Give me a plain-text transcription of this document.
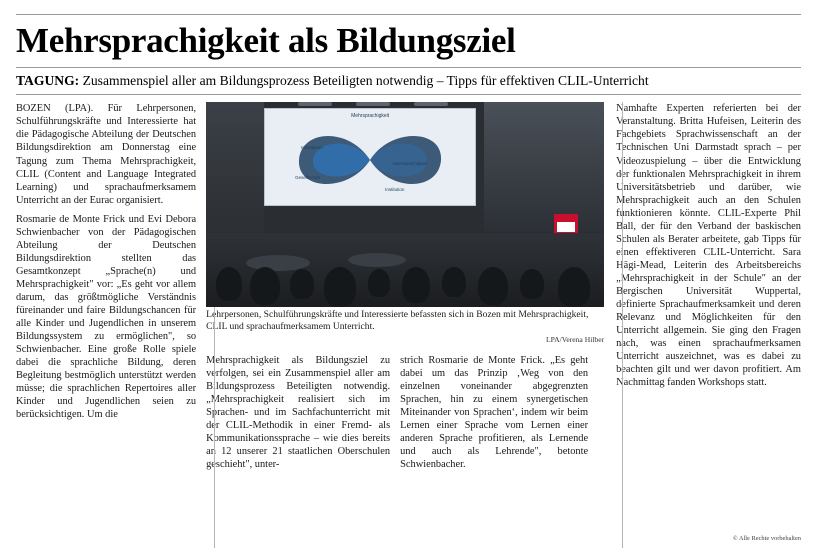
Mehrsprachigkeit als Bildungsziel
TAGUNG: Zusammenspiel aller am Bildungsprozess Beteiligten notwendig – Tipps für effektiven CLIL-Unterricht

BOZEN (LPA). Für Lehrpersonen, Schulführungskräfte und Interessierte hat die Pädagogische Abteilung der Deutschen Bildungsdirektion am Donnerstag eine Tagung zum Thema Mehrsprachigkeit, CLIL (Content and Language Integrated Learning) und sprachaufmerksamem Unterricht an der Eurac organisiert.

Rosmarie de Monte Frick und Evi Debora Schwienbacher von der Pädagogischen Abteilung der Deutschen Bildungsdirektion stellten das Gesamtkonzept „Sprache(n) und Mehrsprachigkeit" vor: „Es geht vor allem darum, das größtmögliche Verständnis füreinander und faire Bildungschancen für alle Kinder und Jugendlichen in unserem Bildungssystem zu ermöglichen", so Schwienbacher. Eine große Rolle spiele dabei die sprachliche Bildung, deren Begleitung bestmöglich unterstützt werden müsse; die sprachlichen Repertoires aller Kinder und Jugendlichen seien zu berücksichtigen. Um die

Mehrsprachigkeit
Individuum
Mehrsprachigkeit
Gesellschaft
Institution
Lehrpersonen, Schulführungskräfte und Interessierte befassten sich in Bozen mit Mehrsprachigkeit, CLIL und sprachaufmerksamem Unterricht.
LPA/Verena Hilber

Mehrsprachigkeit als Bildungsziel zu verfolgen, sei ein Zusammenspiel aller am Bildungsprozess Beteiligten notwendig. „Mehrsprachigkeit realisiert sich im Sprachen- und im Sachfachunterricht mit der CLIL-Methodik in einer Fremd- als Kommunikationssprache – wie dies bereits an 12 unserer 21 staatlichen Oberschulen geschieht", unter-

strich Rosmarie de Monte Frick. „Es geht dabei um das Prinzip ‚Weg von den einzelnen voneinander abgegrenzten Sprachen, hin zu einem synergetischen Miteinander von Sprachen‘, indem wir beim Lernen einer Sprache vom Lernen einer anderen Sprache profitieren, als Lernende und auch als Lehrende", betonte Schwienbacher.

Namhafte Experten referierten bei der Veranstaltung. Britta Hufeisen, Leiterin des Fachgebiets Sprachwissenschaft an der Technischen Uni Darmstadt sprach – per Videozuspielung – über die Entwicklung der funktionalen Mehrsprachigkeit in ihrem Universitätsbetrieb und darüber, wie Mehrsprachigkeit auch an den Schulen funktionieren könnte. CLIL-Experte Phil Ball, der für den Verband der baskischen Schulen als Berater arbeitete, gab Tipps für einen effektiveren CLIL-Unterricht. Sara Hägi-Mead, Leiterin des Arbeitsbereichs „Mehrsprachigkeit in der Schule" an der Bergischen Universität Wuppertal, definierte Sprachaufmerksamkeit und deren Relevanz und Möglichkeiten für den Unterricht allgemein. Sie ging den Fragen nach, was einen sprachaufmerksamen Unterricht auszeichnet, was es dabei zu beachten gilt und wer davon profitiert. Am Nachmittag fanden Workshops statt.

© Alle Rechte vorbehalten
